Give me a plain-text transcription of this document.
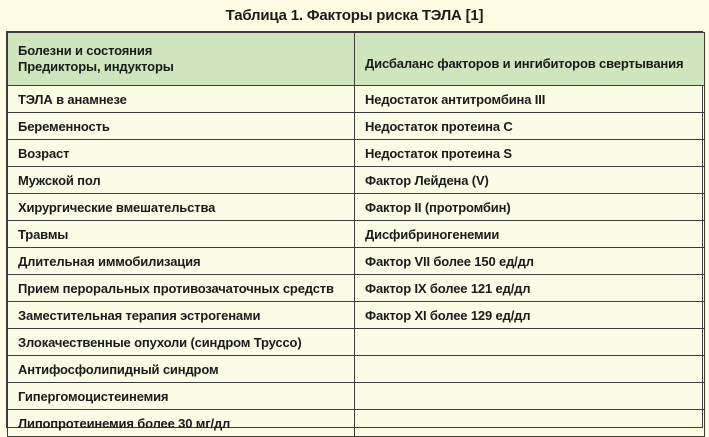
Таблица 1. Факторы риска ТЭЛА [1]
Болезни и состояния
Предикторы, индукторы	Дисбаланс факторов и ингибиторов свертывания
ТЭЛА в анамнезе	Недостаток антитромбина III
Беременность	Недостаток протеина С
Возраст	Недостаток протеина S
Мужской пол	Фактор Лейдена (V)
Хирургические вмешательства	Фактор II (протромбин)
Травмы	Дисфибриногенемии
Длительная иммобилизация	Фактор VII более 150 ед/дл
Прием пероральных противозачаточных средств	Фактор IX более 121 ед/дл
Заместительная терапия эстрогенами	Фактор XI более 129 ед/дл
Злокачественные опухоли (синдром Труссо)	
Антифосфолипидный синдром	
Гипергомоцистеинемия	
Липопротеинемия более 30 мг/дл	
